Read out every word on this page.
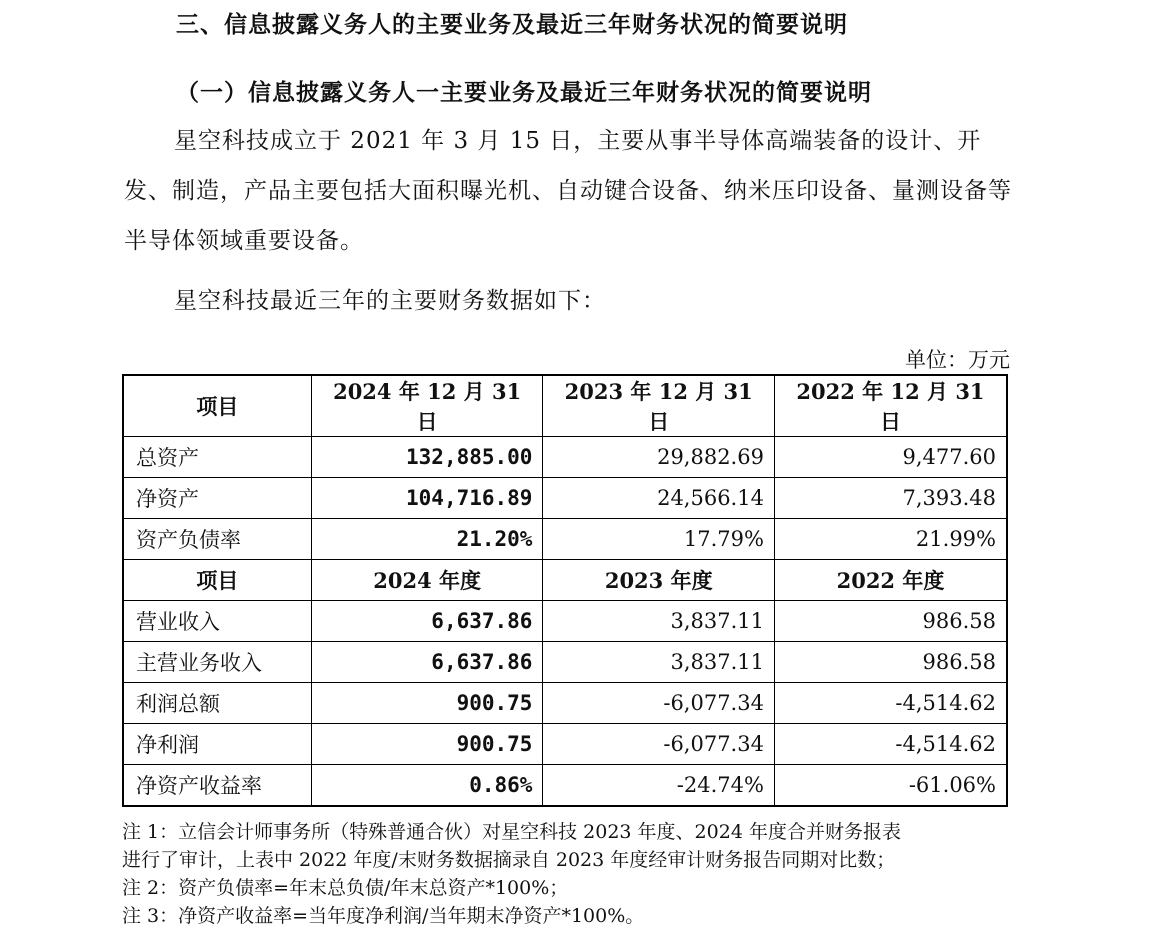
三、信息披露义务人的主要业务及最近三年财务状况的简要说明
（一）信息披露义务人一主要业务及最近三年财务状况的简要说明
星空科技成立于 2021 年 3 月 15 日，主要从事半导体高端装备的设计、开发、制造，产品主要包括大面积曝光机、自动键合设备、纳米压印设备、量测设备等半导体领域重要设备。
星空科技最近三年的主要财务数据如下：
单位：万元
项目	2024 年 12 月 31 日	2023 年 12 月 31 日	2022 年 12 月 31 日
总资产	132,885.00	29,882.69	9,477.60
净资产	104,716.89	24,566.14	7,393.48
资产负债率	21.20%	17.79%	21.99%
项目	2024 年度	2023 年度	2022 年度
营业收入	6,637.86	3,837.11	986.58
主营业务收入	6,637.86	3,837.11	986.58
利润总额	900.75	-6,077.34	-4,514.62
净利润	900.75	-6,077.34	-4,514.62
净资产收益率	0.86%	-24.74%	-61.06%
注 1：立信会计师事务所（特殊普通合伙）对星空科技 2023 年度、2024 年度合并财务报表
进行了审计，上表中 2022 年度/末财务数据摘录自 2023 年度经审计财务报告同期对比数；
注 2：资产负债率=年末总负债/年末总资产*100%；
注 3：净资产收益率=当年度净利润/当年期末净资产*100%。
